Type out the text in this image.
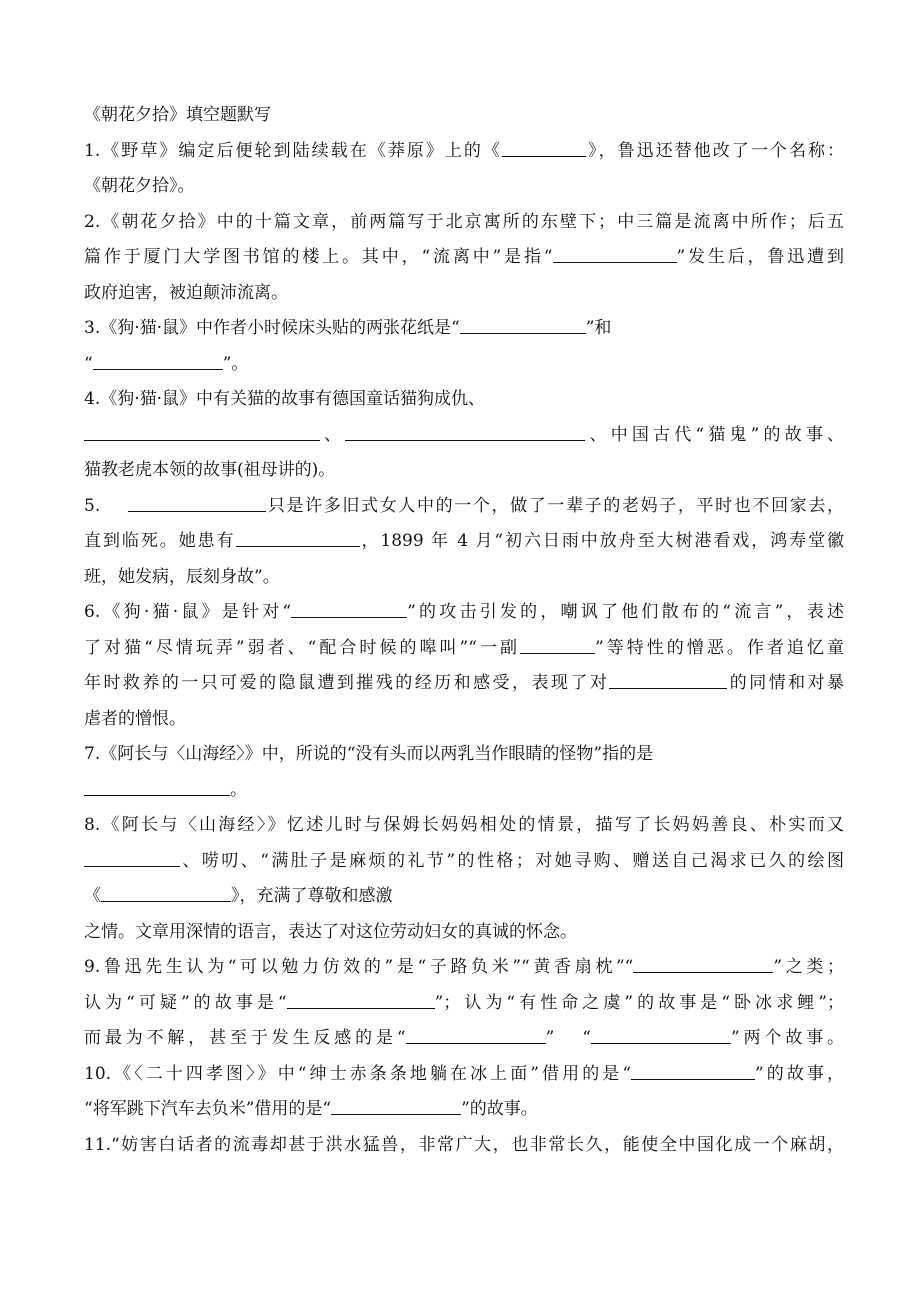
《朝花夕拾》填空题默写
1.《野草》编定后便轮到陆续载在《莽原》上的《	》，鲁迅还替他改了一个名称：
《朝花夕拾》。
2.《朝花夕拾》中的十篇文章，前两篇写于北京寓所的东壁下；中三篇是流离中所作；后五
篇作于厦门大学图书馆的楼上。其中，“流离中”是指“	”发生后，鲁迅遭到
政府迫害，被迫颠沛流离。
3.《狗·猫·鼠》中作者小时候床头贴的两张花纸是“	”和
“	”。
4.《狗·猫·鼠》中有关猫的故事有德国童话猫狗成仇、
、	、中国古代“猫鬼”的故事、
猫教老虎本领的故事(祖母讲的)。
5.	只是许多旧式女人中的一个，做了一辈子的老妈子，平时也不回家去，
直到临死。她患有	，1899 年 4 月“初六日雨中放舟至大树港看戏，鸿寿堂徽
班，她发病，辰刻身故”。
6.《狗·猫·鼠》是针对“	”的攻击引发的，嘲讽了他们散布的“流言”，表述
了对猫“尽情玩弄”弱者、“配合时候的嗥叫”“一副	”等特性的憎恶。作者追忆童
年时救养的一只可爱的隐鼠遭到摧残的经历和感受，表现了对	的同情和对暴
虐者的憎恨。
7.《阿长与〈山海经〉》中，所说的“没有头而以两乳当作眼睛的怪物”指的是
。
8.《阿长与〈山海经〉》忆述儿时与保姆长妈妈相处的情景，描写了长妈妈善良、朴实而又
、唠叨、“满肚子是麻烦的礼节”的性格；对她寻购、赠送自己渴求已久的绘图
《	》，充满了尊敬和感激
之情。文章用深情的语言，表达了对这位劳动妇女的真诚的怀念。
9.鲁迅先生认为“可以勉力仿效的”是“子路负米”“黄香扇枕”“	”之类；
认为“可疑”的故事是“	”；认为“有性命之虞”的故事是“卧冰求鲤”；
而最为不解，甚至于发生反感的是“	” “	”两个故事。
10.《〈二十四孝图〉》中“绅士赤条条地躺在冰上面”借用的是“	”的故事，
“将军跳下汽车去负米”借用的是“	”的故事。
11.“妨害白话者的流毒却甚于洪水猛兽，非常广大，也非常长久，能使全中国化成一个麻胡，
